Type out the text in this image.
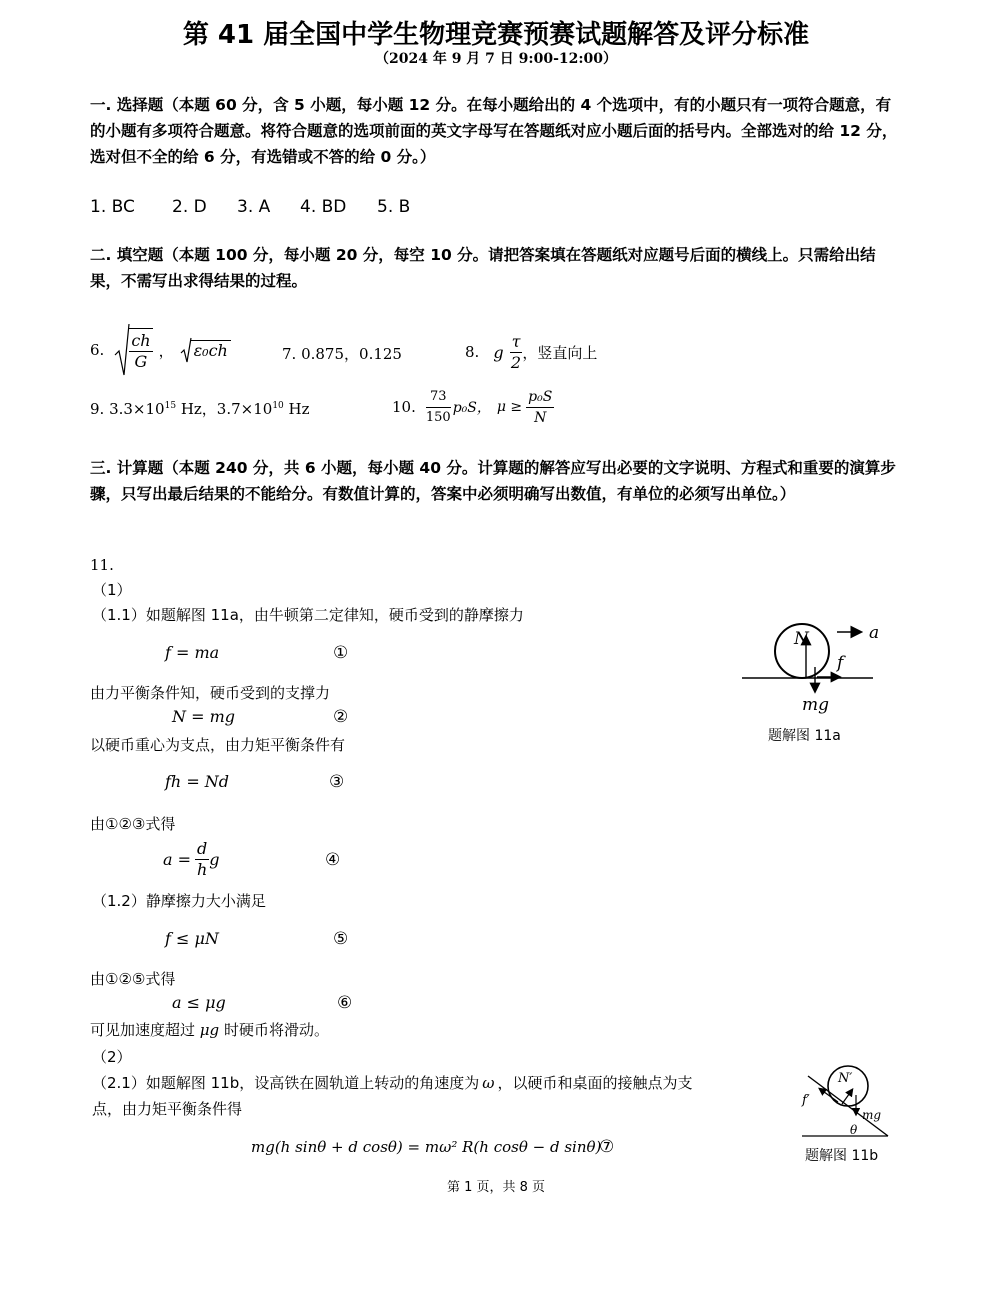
第 41 届全国中学生物理竞赛预赛试题解答及评分标准
（2024 年 9 月 7 日 9:00-12:00）
一. 选择题（本题 60 分，含 5 小题，每小题 12 分。在每小题给出的 4 个选项中，有的小题只有一项符合题意，有的小题有多项符合题意。将符合题意的选项前面的英文字母写在答题纸对应小题后面的括号内。全部选对的给 12 分，选对但不全的给 6 分，有选错或不答的给 0 分。）
1. BC 2. D 3. A 4. BD 5. B
二. 填空题（本题 100 分，每小题 20 分，每空 10 分。请把答案填在答题纸对应题号后面的横线上。只需给出结果，不需写出求得结果的过程。
6. $\frac{ch}{G}$ ， ε₀ch	7. 0.875，0.125	8. g $\frac{\tau}{2}$ ，竖直向上
9. $3.3\times 10^{15}$ Hz，$3.7\times 10^{10}$ Hz	10. $\frac{73}{150} p_0S$， $\mu \ge \frac{\text{p₀S}}{N}$
三. 计算题（本题 240 分，共 6 小题，每小题 40 分。计算题的解答应写出必要的文字说明、方程式和重要的演算步骤，只写出最后结果的不能给分。有数值计算的，答案中必须明确写出数值，有单位的必须写出单位。）
11.
（1）
（1.1）如题解图 11a，由牛顿第二定律知，硬币受到的静摩擦力
f = ma	①
由力平衡条件知，硬币受到的支撑力
N = mg	②
以硬币重心为支点，由力矩平衡条件有
fh = Nd	③
由①②③式得
$a = \frac{d}{h}$ g	④
（1.2）静摩擦力大小满足
f ≤ μN	⑤
由①②⑤式得
a ≤ μg	⑥
可见加速度超过 μg 时硬币将滑动。
（2）
（2.1）如题解图 11b，设高铁在圆轨道上转动的角速度为 ω ，以硬币和桌面的接触点为支
点，由力矩平衡条件得
mg(h sinθ + d cosθ) = mω² R(h cosθ − d sinθ)
⑦
N	a
f
mg
题解图 11a
N′
f′
mg
θ
题解图 11b
第 1 页，共 8 页
